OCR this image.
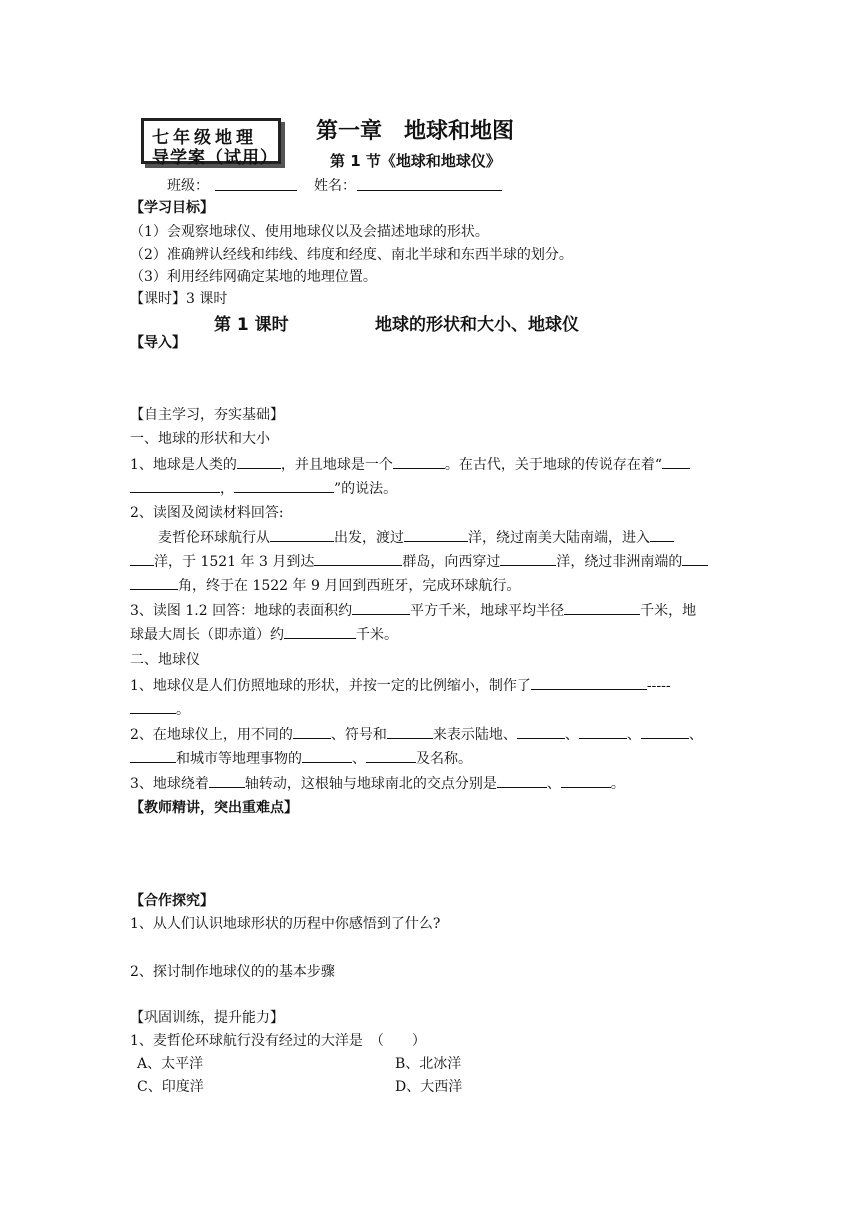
七年级地理
导学案（试用）
第一章　地球和地图
第 1 节《地球和地球仪》
班级：	姓名：
【学习目标】
（1）会观察地球仪、使用地球仪以及会描述地球的形状。
（2）准确辨认经线和纬线、纬度和经度、南北半球和东西半球的划分。
（3）利用经纬网确定某地的地理位置。
【课时】3 课时
第 1 课时	地球的形状和大小、地球仪
【导入】
【自主学习，夯实基础】
一、地球的形状和大小
1、地球是人类的	，并且地球是一个	。在古代，关于地球的传说存在着“
，	”的说法。
2、读图及阅读材料回答:
麦哲伦环球航行从	出发，渡过	洋，绕过南美大陆南端，进入
洋，于 1521 年 3 月到达	群岛，向西穿过	洋，绕过非洲南端的
角，终于在 1522 年 9 月回到西班牙，完成环球航行。
3、读图 1.2 回答：地球的表面积约	平方千米，地球平均半径	千米，地
球最大周长（即赤道）约	千米。
二、地球仪
1、地球仪是人们仿照地球的形状，并按一定的比例缩小，制作了	-----
。
2、在地球仪上，用不同的	、符号和	来表示陆地、	、	、	、
和城市等地理事物的	、	及名称。
3、地球绕着	轴转动，这根轴与地球南北的交点分别是	、	。
【教师精讲，突出重难点】
【合作探究】
1、从人们认识地球形状的历程中你感悟到了什么?
2、探讨制作地球仪的的基本步骤
【巩固训练，提升能力】
1、麦哲伦环球航行没有经过的大洋是　（　　）
A、太平洋	B、北冰洋
C、印度洋	D、大西洋
